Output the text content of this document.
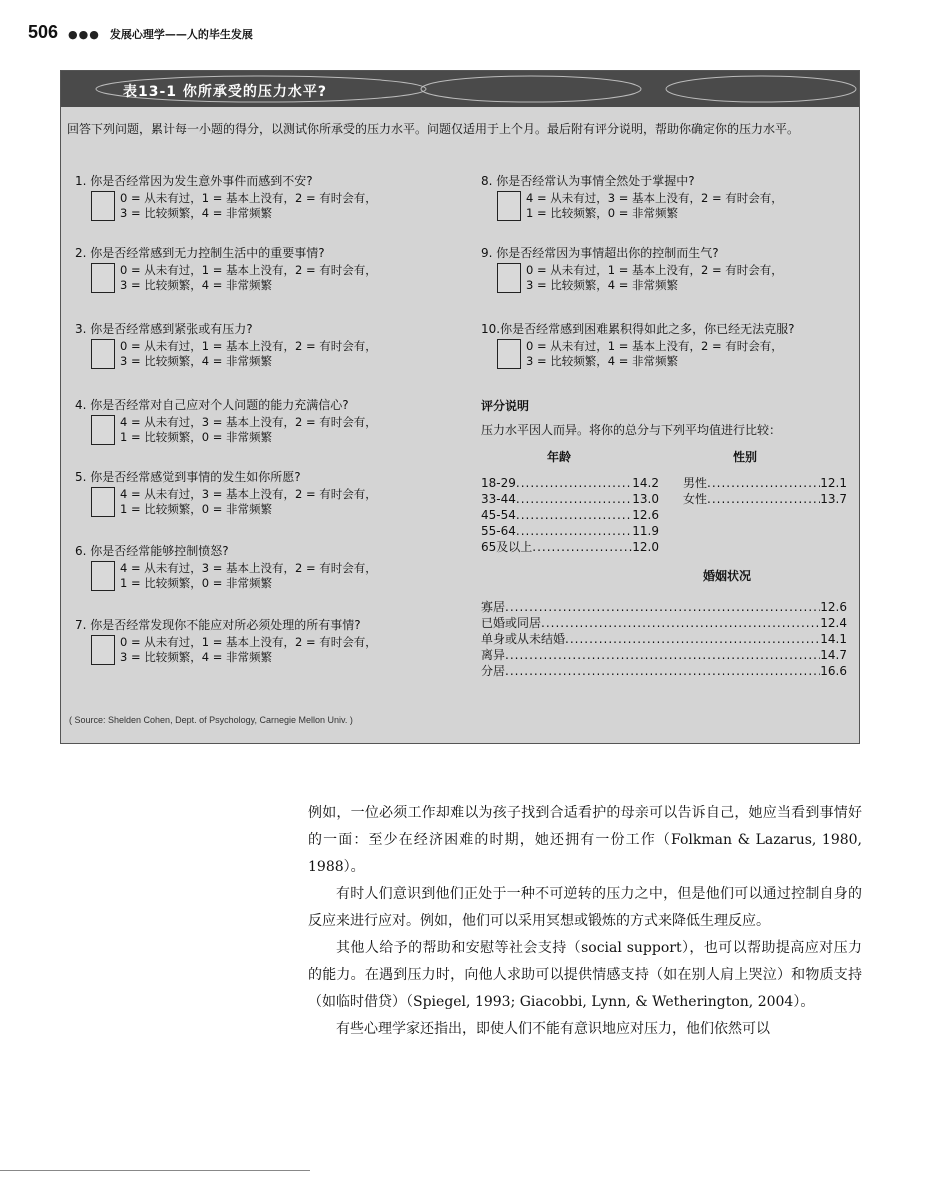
506 ●●● 发展心理学——人的毕生发展
表13-1 你所承受的压力水平?
回答下列问题，累计每一小题的得分，以测试你所承受的压力水平。问题仅适用于上个月。最后附有评分说明，帮助你确定你的压力水平。
1. 你是否经常因为发生意外事件而感到不安?
0 = 从未有过，1 = 基本上没有，2 = 有时会有，
3 = 比较频繁，4 = 非常频繁
2. 你是否经常感到无力控制生活中的重要事情?
0 = 从未有过，1 = 基本上没有，2 = 有时会有，
3 = 比较频繁，4 = 非常频繁
3. 你是否经常感到紧张或有压力?
0 = 从未有过，1 = 基本上没有，2 = 有时会有，
3 = 比较频繁，4 = 非常频繁
4. 你是否经常对自己应对个人问题的能力充满信心?
4 = 从未有过，3 = 基本上没有，2 = 有时会有，
1 = 比较频繁，0 = 非常频繁
5. 你是否经常感觉到事情的发生如你所愿?
4 = 从未有过，3 = 基本上没有，2 = 有时会有，
1 = 比较频繁，0 = 非常频繁
6. 你是否经常能够控制愤怒?
4 = 从未有过，3 = 基本上没有，2 = 有时会有，
1 = 比较频繁，0 = 非常频繁
7. 你是否经常发现你不能应对所必须处理的所有事情?
0 = 从未有过，1 = 基本上没有，2 = 有时会有，
3 = 比较频繁，4 = 非常频繁
8. 你是否经常认为事情全然处于掌握中?
4 = 从未有过，3 = 基本上没有，2 = 有时会有，
1 = 比较频繁，0 = 非常频繁
9. 你是否经常因为事情超出你的控制而生气?
0 = 从未有过，1 = 基本上没有，2 = 有时会有，
3 = 比较频繁，4 = 非常频繁
10.你是否经常感到困难累积得如此之多，你已经无法克服?
0 = 从未有过，1 = 基本上没有，2 = 有时会有，
3 = 比较频繁，4 = 非常频繁
评分说明
压力水平因人而异。将你的总分与下列平均值进行比较：
年龄	性别
18-29 .....	14.2
33-44 .....	13.0
45-54 .....	12.6
55-64 .....	11.9
65及以上 .....	12.0
男性 .....	12.1
女性 .....	13.7
婚姻状况
寡居 .....	12.6
已婚或同居 .....	12.4
单身或从未结婚 .....	14.1
离异 .....	14.7
分居 .....	16.6
( Source: Shelden Cohen, Dept. of Psychology, Carnegie Mellon Univ. )

例如，一位必须工作却难以为孩子找到合适看护的母亲可以告诉自己，她应当看到事情好的一面：至少在经济困难的时期，她还拥有一份工作（Folkman & Lazarus, 1980, 1988）。

有时人们意识到他们正处于一种不可逆转的压力之中，但是他们可以通过控制自身的反应来进行应对。例如，他们可以采用冥想或锻炼的方式来降低生理反应。

其他人给予的帮助和安慰等社会支持（social support），也可以帮助提高应对压力的能力。在遇到压力时，向他人求助可以提供情感支持（如在别人肩上哭泣）和物质支持（如临时借贷）（Spiegel, 1993; Giacobbi, Lynn, & Wetherington, 2004）。

有些心理学家还指出，即使人们不能有意识地应对压力，他们依然可以
